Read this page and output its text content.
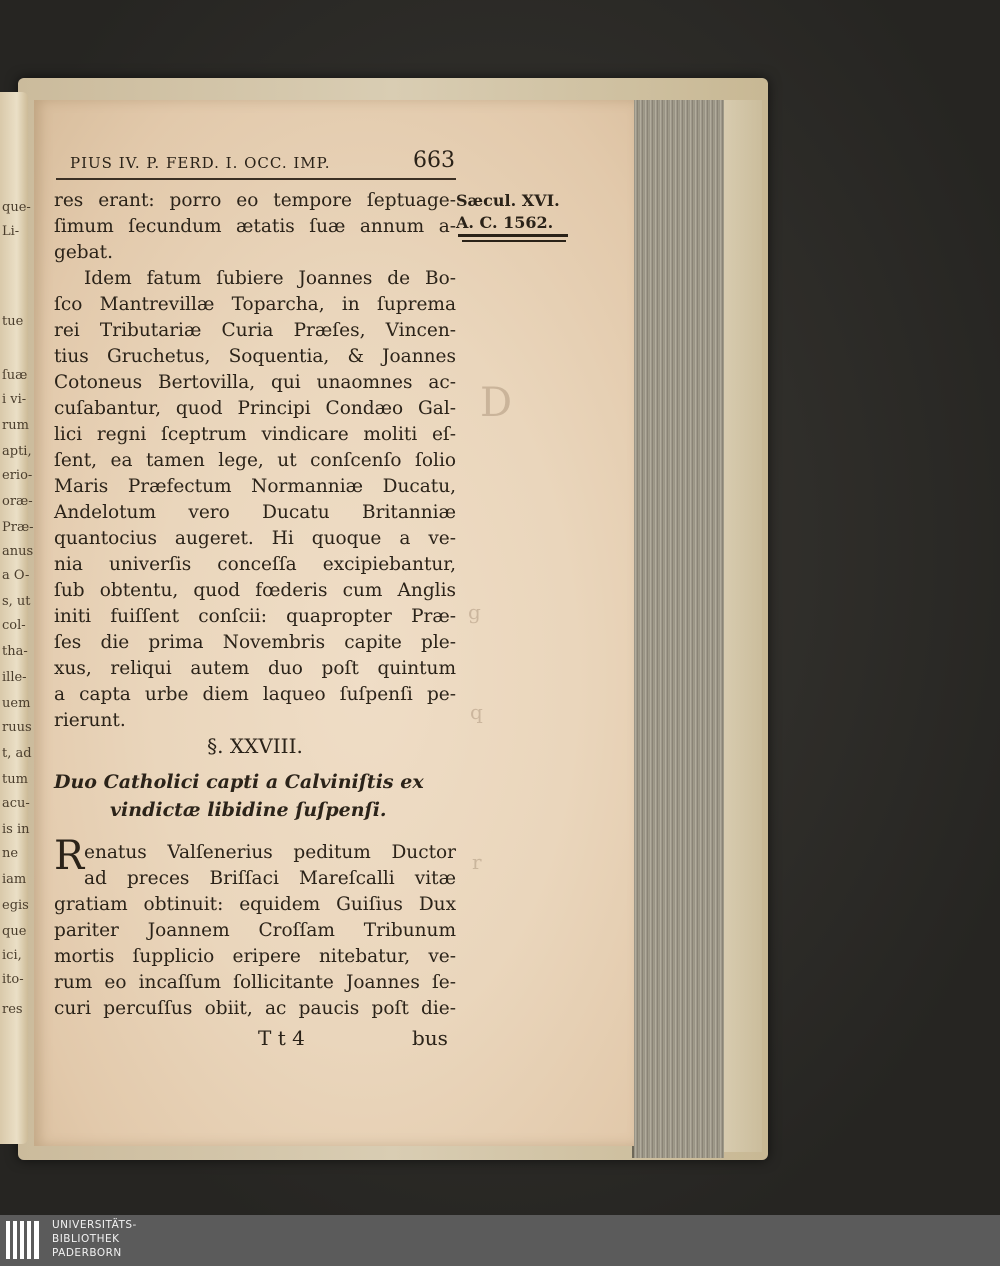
que-
Li-
tue
ſuæ
i vi-
rum
apti,
erio-
oræ-
Præ-
anus
a O-
s, ut
col-
tha-
ille-
uem
ruus
t, ad
tum
acu-
is in
ne
iam
egis
que
ici,
ito-
res
D
g
q
r
PIUS IV. P. FERD. I. OCC. IMP.	663
Sæcul. XVI.
A. C. 1562.
res erant: porro eo tempore ſeptuage-
ſimum ſecundum ætatis ſuæ annum a-
gebat.
Idem fatum ſubiere Joannes de Bo-
ſco Mantrevillæ Toparcha, in ſuprema
rei Tributariæ Curia Præſes, Vincen-
tius Gruchetus, Soquentia, & Joannes
Cotoneus Bertovilla, qui unaomnes ac-
cuſabantur, quod Principi Condæo Gal-
lici regni ſceptrum vindicare moliti eſ-
ſent, ea tamen lege, ut conſcenſo ſolio
Maris Præfectum Normanniæ Ducatu,
Andelotum vero Ducatu Britanniæ
quantocius augeret. Hi quoque a ve-
nia univerſis conceſſa excipiebantur,
ſub obtentu, quod fœderis cum Anglis
initi fuiſſent conſcii: quapropter Præ-
ſes die prima Novembris capite ple-
xus, reliqui autem duo poſt quintum
a capta urbe diem laqueo ſuſpenſi pe-
rierunt.
§. XXVIII.
Duo Catholici capti a Calviniſtis ex
vindictæ libidine ſuſpenſi.
R enatus Valſenerius peditum Ductor
ad preces Briſſaci Mareſcalli vitæ
gratiam obtinuit: equidem Guiſius Dux
pariter Joannem Croſſam Tribunum
mortis ſupplicio eripere nitebatur, ve-
rum eo incaſſum ſollicitante Joannes ſe-
curi percuſſus obiit, ac paucis poſt die-
T t 4	bus
UNIVERSITÄTS-
BIBLIOTHEK
PADERBORN
